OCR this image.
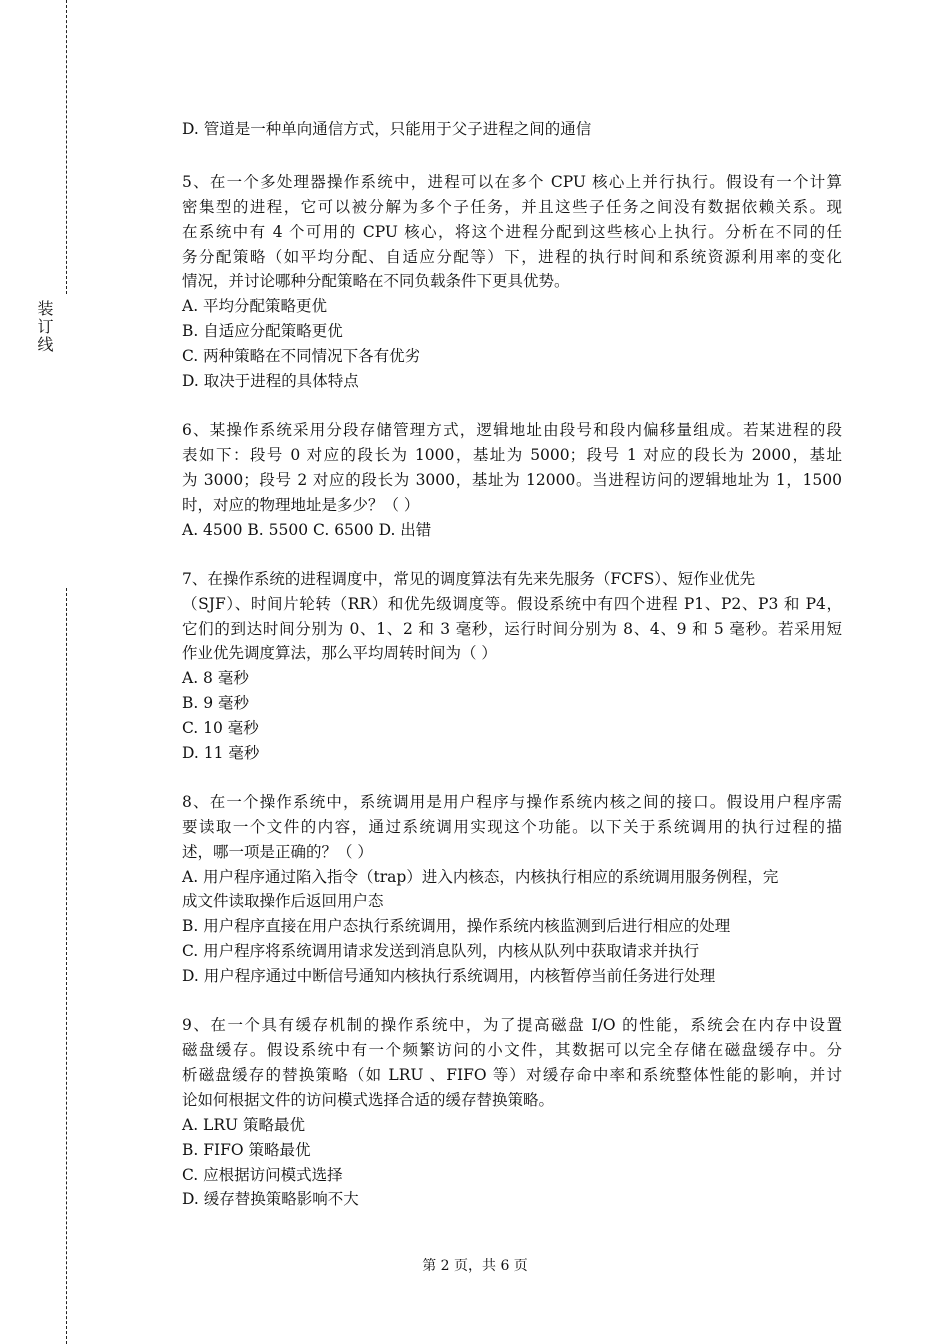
装订线
D. 管道是一种单向通信方式，只能用于父子进程之间的通信
5、在一个多处理器操作系统中，进程可以在多个 CPU 核心上并行执行。假设有一个计算
密集型的进程，它可以被分解为多个子任务，并且这些子任务之间没有数据依赖关系。现
在系统中有 4 个可用的 CPU 核心，将这个进程分配到这些核心上执行。分析在不同的任
务分配策略（如平均分配、自适应分配等）下，进程的执行时间和系统资源利用率的变化
情况，并讨论哪种分配策略在不同负载条件下更具优势。
A. 平均分配策略更优
B. 自适应分配策略更优
C. 两种策略在不同情况下各有优劣
D. 取决于进程的具体特点
6、某操作系统采用分段存储管理方式，逻辑地址由段号和段内偏移量组成。若某进程的段
表如下：段号 0 对应的段长为 1000，基址为 5000；段号 1 对应的段长为 2000，基址
为 3000；段号 2 对应的段长为 3000，基址为 12000。当进程访问的逻辑地址为 1，1500
时，对应的物理地址是多少？（ ）
A. 4500 B. 5500 C. 6500 D. 出错
7、在操作系统的进程调度中，常见的调度算法有先来先服务（FCFS）、短作业优先
（SJF）、时间片轮转（RR）和优先级调度等。假设系统中有四个进程 P1、P2、P3 和 P4，
它们的到达时间分别为 0、1、2 和 3 毫秒，运行时间分别为 8、4、9 和 5 毫秒。若采用短
作业优先调度算法，那么平均周转时间为（ ）
A. 8 毫秒
B. 9 毫秒
C. 10 毫秒
D. 11 毫秒
8、在一个操作系统中，系统调用是用户程序与操作系统内核之间的接口。假设用户程序需
要读取一个文件的内容，通过系统调用实现这个功能。以下关于系统调用的执行过程的描
述，哪一项是正确的？（ ）
A. 用户程序通过陷入指令（trap）进入内核态，内核执行相应的系统调用服务例程，完
成文件读取操作后返回用户态
B. 用户程序直接在用户态执行系统调用，操作系统内核监测到后进行相应的处理
C. 用户程序将系统调用请求发送到消息队列，内核从队列中获取请求并执行
D. 用户程序通过中断信号通知内核执行系统调用，内核暂停当前任务进行处理
9、在一个具有缓存机制的操作系统中，为了提高磁盘 I/O 的性能，系统会在内存中设置
磁盘缓存。假设系统中有一个频繁访问的小文件，其数据可以完全存储在磁盘缓存中。分
析磁盘缓存的替换策略（如 LRU 、FIFO 等）对缓存命中率和系统整体性能的影响，并讨
论如何根据文件的访问模式选择合适的缓存替换策略。
A. LRU 策略最优
B. FIFO 策略最优
C. 应根据访问模式选择
D. 缓存替换策略影响不大
第 2 页，共 6 页
